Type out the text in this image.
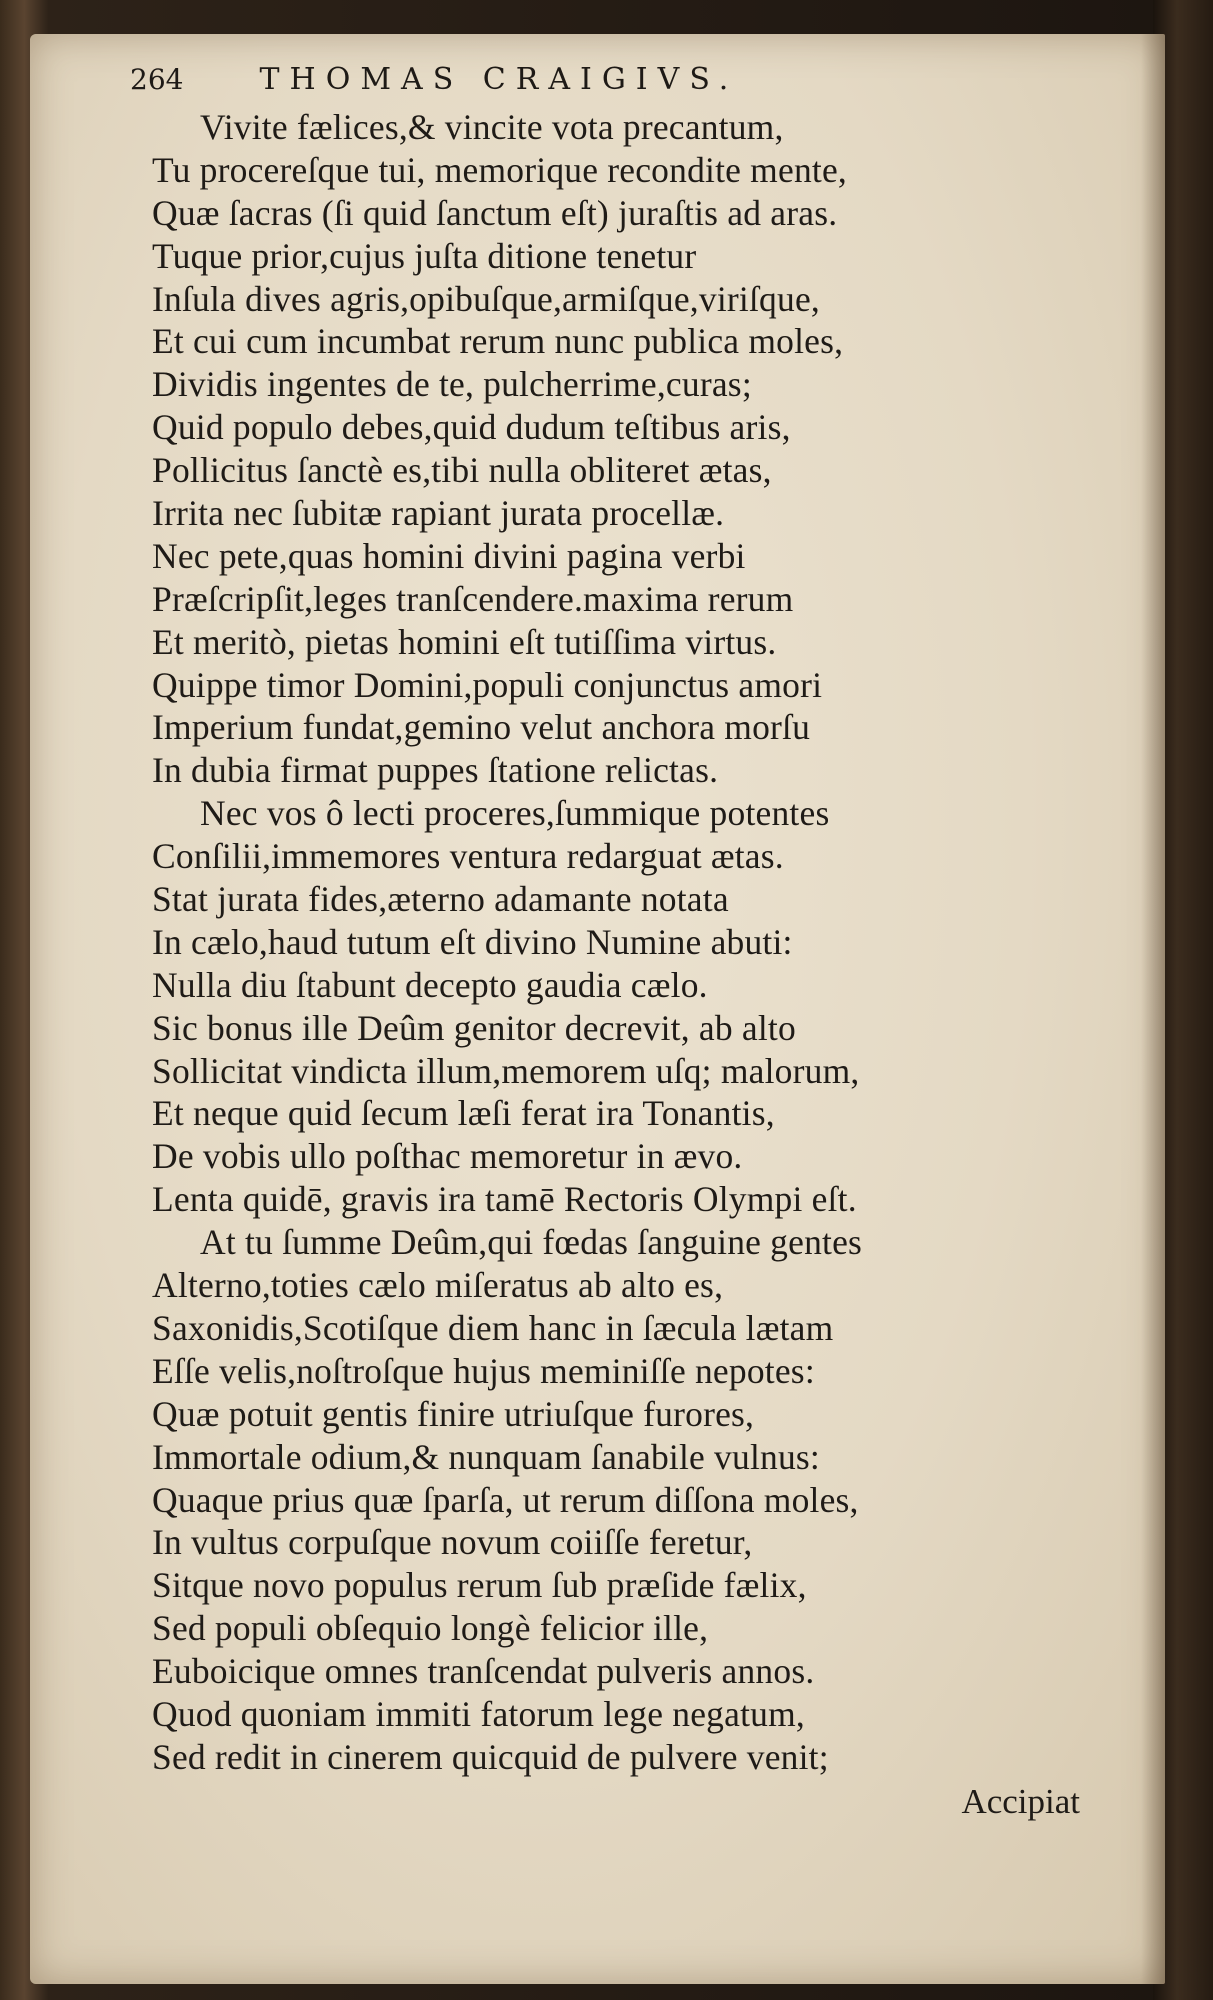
264	THOMAS CRAIGIVS.
Vivite fælices,& vincite vota precantum,
Tu procereſque tui, memorique recondite mente,
Quæ ſacras (ſi quid ſanctum eſt) juraſtis ad aras.
Tuque prior,cujus juſta ditione tenetur
Inſula dives agris,opibuſque,armiſque,viriſque,
Et cui cum incumbat rerum nunc publica moles,
Dividis ingentes de te, pulcherrime,curas;
Quid populo debes,quid dudum teſtibus aris,
Pollicitus ſanctè es,tibi nulla obliteret ætas,
Irrita nec ſubitæ rapiant jurata procellæ.
Nec pete,quas homini divini pagina verbi
Præſcripſit,leges tranſcendere.maxima rerum
Et meritò, pietas homini eſt tutiſſima virtus.
Quippe timor Domini,populi conjunctus amori
Imperium fundat,gemino velut anchora morſu
In dubia firmat puppes ſtatione relictas.
Nec vos ô lecti proceres,ſummique potentes
Conſilii,immemores ventura redarguat ætas.
Stat jurata fides,æterno adamante notata
In cælo,haud tutum eſt divino Numine abuti:
Nulla diu ſtabunt decepto gaudia cælo.
Sic bonus ille Deûm genitor decrevit, ab alto
Sollicitat vindicta illum,memorem uſq; malorum,
Et neque quid ſecum læſi ferat ira Tonantis,
De vobis ullo poſthac memoretur in ævo.
Lenta quidē, gravis ira tamē Rectoris Olympi eſt.
At tu ſumme Deûm,qui fœdas ſanguine gentes
Alterno,toties cælo miſeratus ab alto es,
Saxonidis,Scotiſque diem hanc in ſæcula lætam
Eſſe velis,noſtroſque hujus meminiſſe nepotes:
Quæ potuit gentis finire utriuſque furores,
Immortale odium,& nunquam ſanabile vulnus:
Quaque prius quæ ſparſa, ut rerum diſſona moles,
In vultus corpuſque novum coiiſſe feretur,
Sitque novo populus rerum ſub præſide fælix,
Sed populi obſequio longè felicior ille,
Euboicique omnes tranſcendat pulveris annos.
Quod quoniam immiti fatorum lege negatum,
Sed redit in cinerem quicquid de pulvere venit;
Accipiat
